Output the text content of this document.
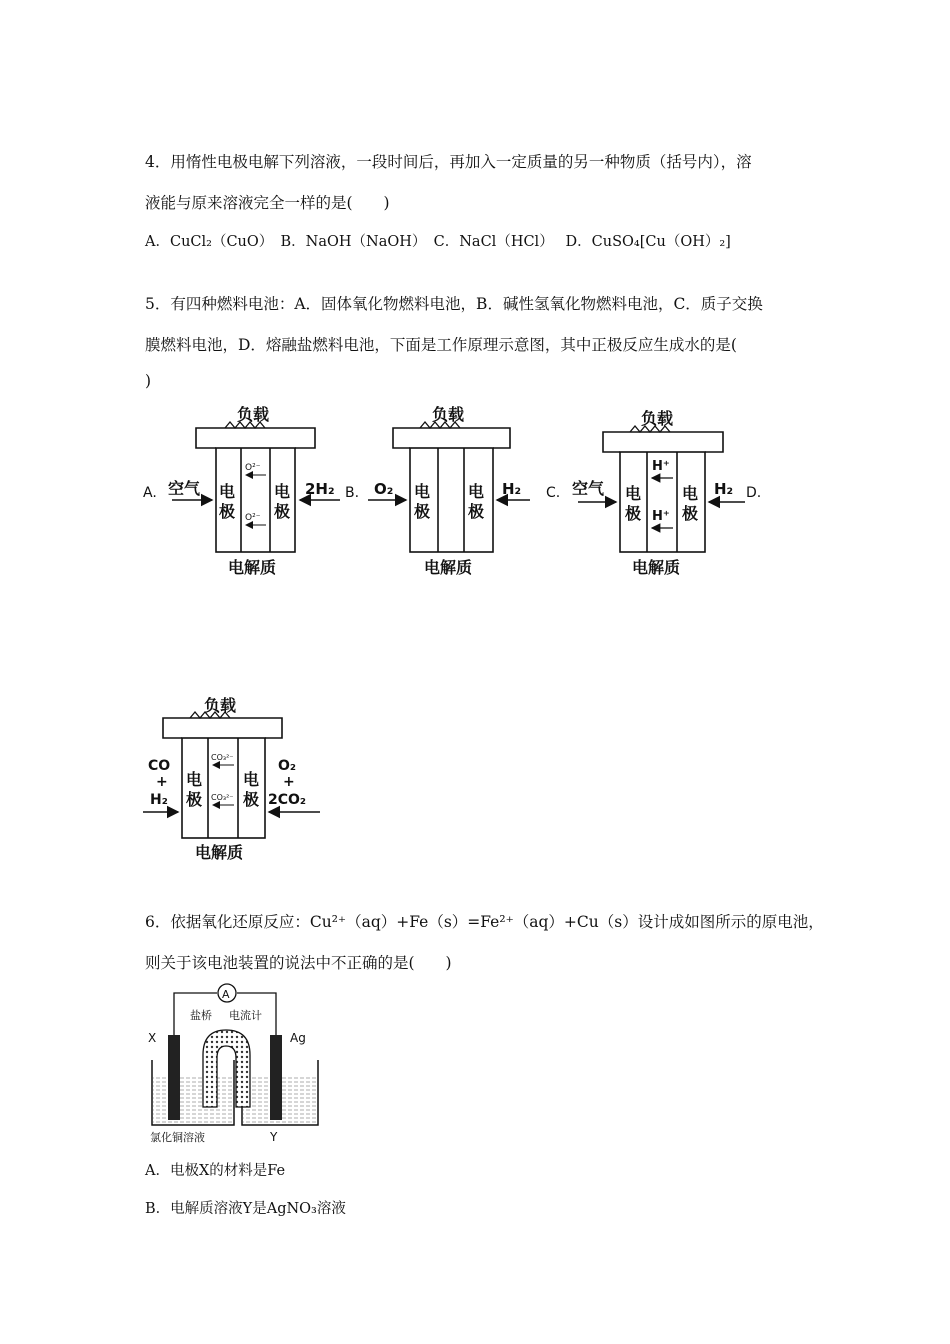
4．用惰性电极电解下列溶液，一段时间后，再加入一定质量的另一种物质（括号内），溶
液能与原来溶液完全一样的是(　　)
A．CuCl₂（CuO）　B．NaOH（NaOH）　C．NaCl（HCl）　 D．CuSO₄[Cu（OH）₂]
5．有四种燃料电池：A．固体氧化物燃料电池，B．碱性氢氧化物燃料电池，C．质子交换
膜燃料电池，D．熔融盐燃料电池，下面是工作原理示意图，其中正极反应生成水的是(
)
A.
负载
空气	2H₂
电
极
电
极
O²⁻
O²⁻
电解质
B.
负载
O₂	H₂
电
极
电
极
电解质
C.
负载
空气	H₂ D.
电
极
电
极
H⁺
H⁺
电解质
负载
CO
+
H₂
O₂
+
2CO₂
电
极
电
极
CO₃²⁻
CO₃²⁻
电解质
6．依据氧化还原反应：Cu²⁺（aq）+Fe（s）=Fe²⁺（aq）+Cu（s）设计成如图所示的原电池，
则关于该电池装置的说法中不正确的是(　　)
A
盐桥 电流计
X	Ag
氯化铜溶液	Y
A．电极X的材料是Fe
B．电解质溶液Y是AgNO₃溶液
